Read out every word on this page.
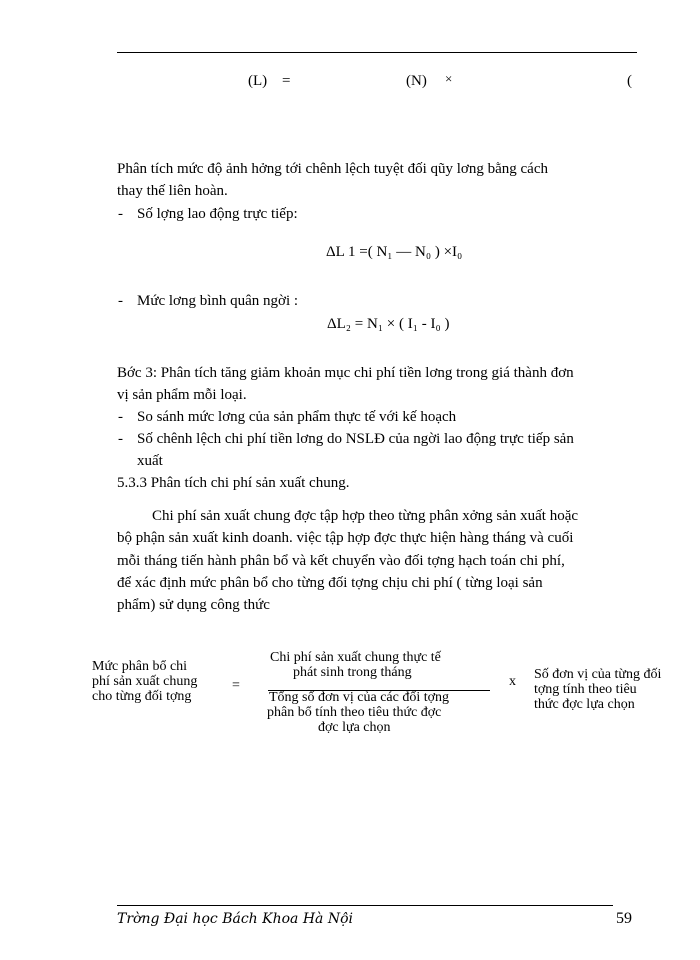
(L) =	(N) ×	(
Phân tích mức độ ảnh hởng tới chênh lệch tuyệt đối qũy lơng bằng cách
thay thế liên hoàn.
- Số lợng lao động trực tiếp:
ΔL 1 =( N₁ — N₀ ) ×I₀
- Mức lơng bình quân ngời :
ΔL₂ = N₁ × ( I₁ - I₀ )
Bớc 3: Phân tích tăng giảm khoản mục chi phí tiền lơng trong giá thành đơn
vị sản phẩm mỗi loại.
- So sánh mức lơng của sản phẩm thực tế với kế hoạch
- Số chênh lệch chi phí tiền lơng do NSLĐ của ngời lao động trực tiếp sản
xuất
5.3.3 Phân tích chi phí sản xuất chung.
Chi phí sản xuất chung đợc tập hợp theo từng phân xởng sản xuất hoặc
bộ phận sản xuất kinh doanh. việc tập hợp đợc thực hiện hàng tháng và cuối
mỗi tháng tiến hành phân bổ và kết chuyển vào đối tợng hạch toán chi phí,
để xác định mức phân bổ cho từng đối tợng chịu chi phí ( từng loại sản
phẩm) sử dụng công thức
Mức phân bổ chi
phí sản xuất chung
cho từng đối tợng
=
Chi phí sản xuất chung thực tế
phát sinh trong tháng
Tổng số đơn vị của các đối tợng
phân bổ tính theo tiêu thức đợc
đợc lựa chọn
x Số đơn vị của từng đối
tợng tính theo tiêu
thức đợc lựa chọn
Trờng Đại học Bách Khoa Hà Nội	59
